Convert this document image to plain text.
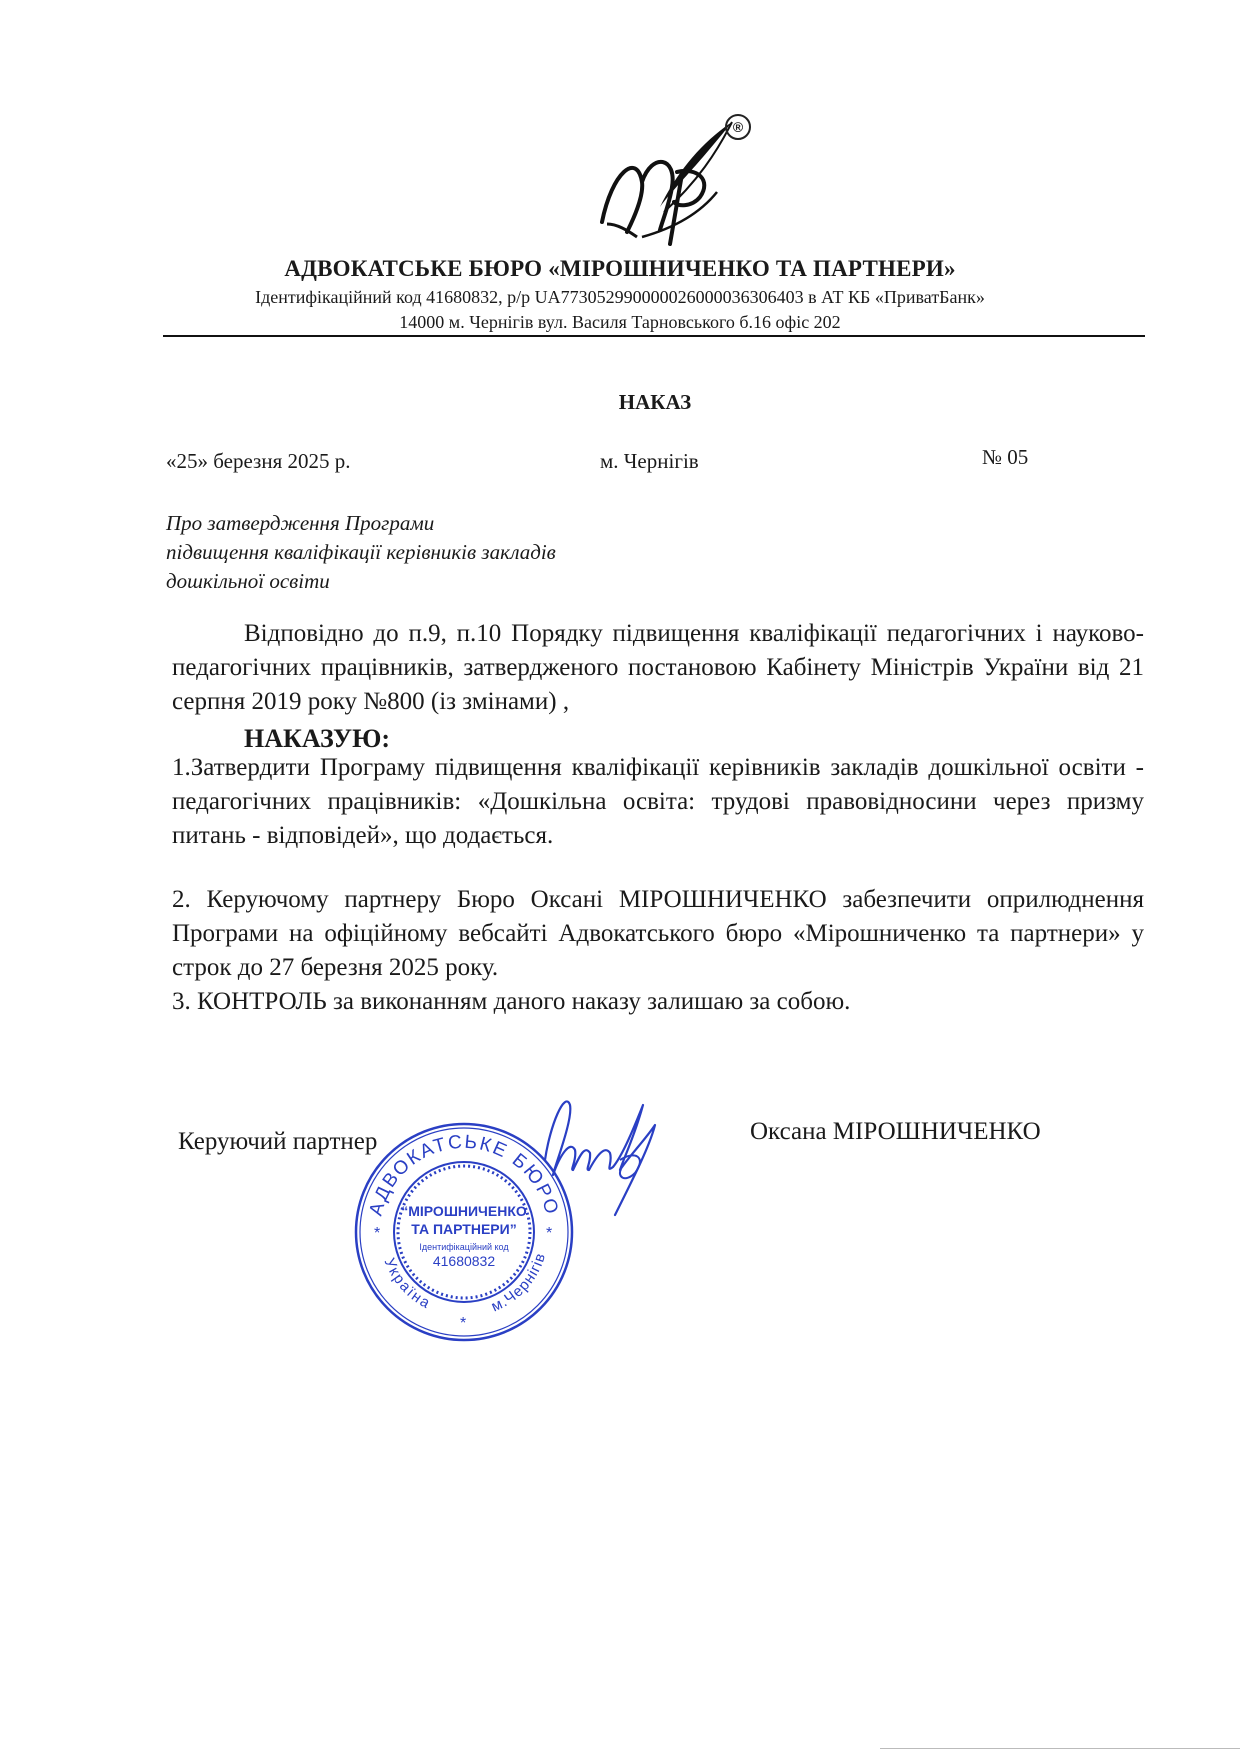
®
АДВОКАТСЬКЕ БЮРО «МІРОШНИЧЕНКО ТА ПАРТНЕРИ»
Ідентифікаційний код 41680832, р/р UA773052990000026000036306403 в АТ КБ «ПриватБанк»
14000 м. Чернігів вул. Василя Тарновського б.16 офіс 202
НАКАЗ
«25» березня 2025 р.	м. Чернігів	№ 05
Про затвердження Програми
підвищення кваліфікації керівників закладів
дошкільної освіти
Відповідно до п.9, п.10 Порядку підвищення кваліфікації педагогічних і науково-педагогічних працівників, затвердженого постановою Кабінету Міністрів України від 21 серпня 2019 року №800 (із змінами) ,
НАКАЗУЮ:
1.Затвердити Програму підвищення кваліфікації керівників закладів дошкільної освіти - педагогічних працівників: «Дошкільна освіта: трудові правовідносини через призму питань - відповідей», що додається.
2. Керуючому партнеру Бюро Оксані МІРОШНИЧЕНКО забезпечити оприлюднення Програми на офіційному вебсайті Адвокатського бюро «Мірошниченко та партнери» у строк до 27 березня 2025 року.
3. КОНТРОЛЬ за виконанням даного наказу залишаю за собою.
Керуючий партнер	Оксана МІРОШНИЧЕНКО
АДВОКАТСЬКЕ БЮРО
Україна	м.Чернігів
*	*
*
“МІРОШНИЧЕНКО
ТА ПАРТНЕРИ”
Ідентифікаційний код
41680832
